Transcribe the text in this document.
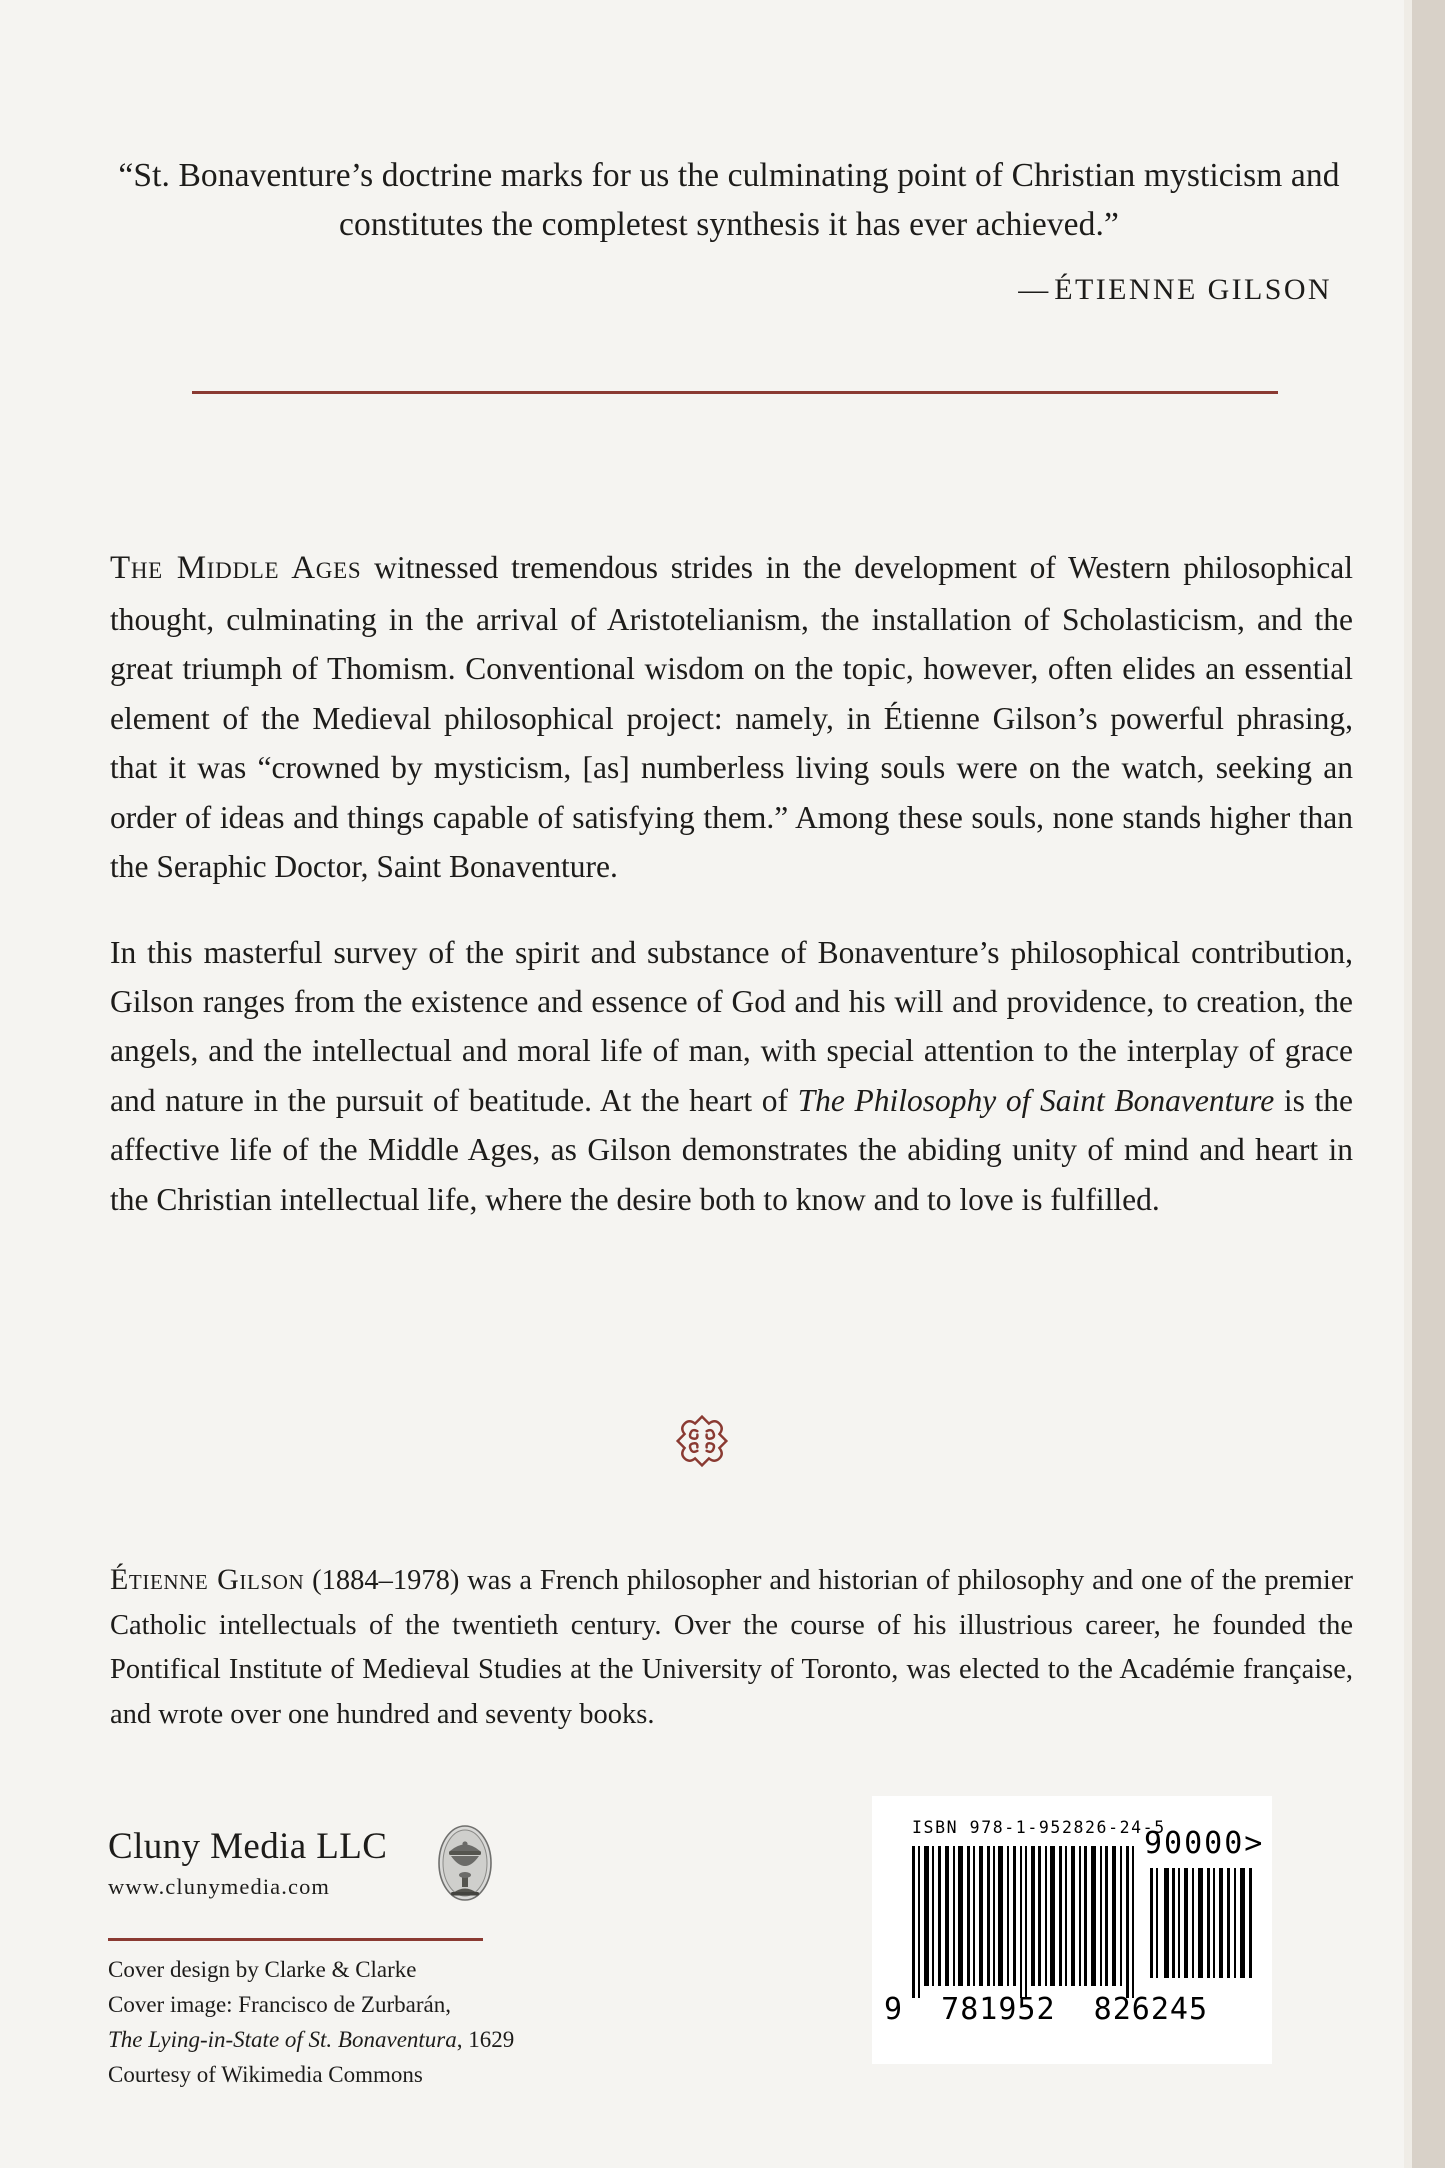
“St. Bonaventure’s doctrine marks for us the culminating point of Christian mysticism and constitutes the completest synthesis it has ever achieved.”
— ÉTIENNE GILSON

The Middle Ages witnessed tremendous strides in the development of Western philosophical thought, culminating in the arrival of Aristotelianism, the installation of Scholasticism, and the great triumph of Thomism. Conventional wisdom on the topic, however, often elides an essential element of the Medieval philosophical project: namely, in Étienne Gilson’s powerful phrasing, that it was “crowned by mysticism, [as] numberless living souls were on the watch, seeking an order of ideas and things capable of satisfying them.” Among these souls, none stands higher than the Seraphic Doctor, Saint Bonaventure.

In this masterful survey of the spirit and substance of Bonaventure’s philosophical contribution, Gilson ranges from the existence and essence of God and his will and providence, to creation, the angels, and the intellectual and moral life of man, with special attention to the interplay of grace and nature in the pursuit of beatitude. At the heart of The Philosophy of Saint Bonaventure is the affective life of the Middle Ages, as Gilson demonstrates the abiding unity of mind and heart in the Christian intellectual life, where the desire both to know and to love is fulfilled.

Étienne Gilson (1884–1978) was a French philosopher and historian of philosophy and one of the premier Catholic intellectuals of the twentieth century. Over the course of his illustrious career, he founded the Pontifical Institute of Medieval Studies at the University of Toronto, was elected to the Académie française, and wrote over one hundred and seventy books.

Cluny Media LLC
www.clunymedia.com
Cover design by Clarke & Clarke
Cover image: Francisco de Zurbarán,
The Lying-in-State of St. Bonaventura, 1629
Courtesy of Wikimedia Commons
ISBN 978-1-952826-24-5
90000>
9  781952  826245
